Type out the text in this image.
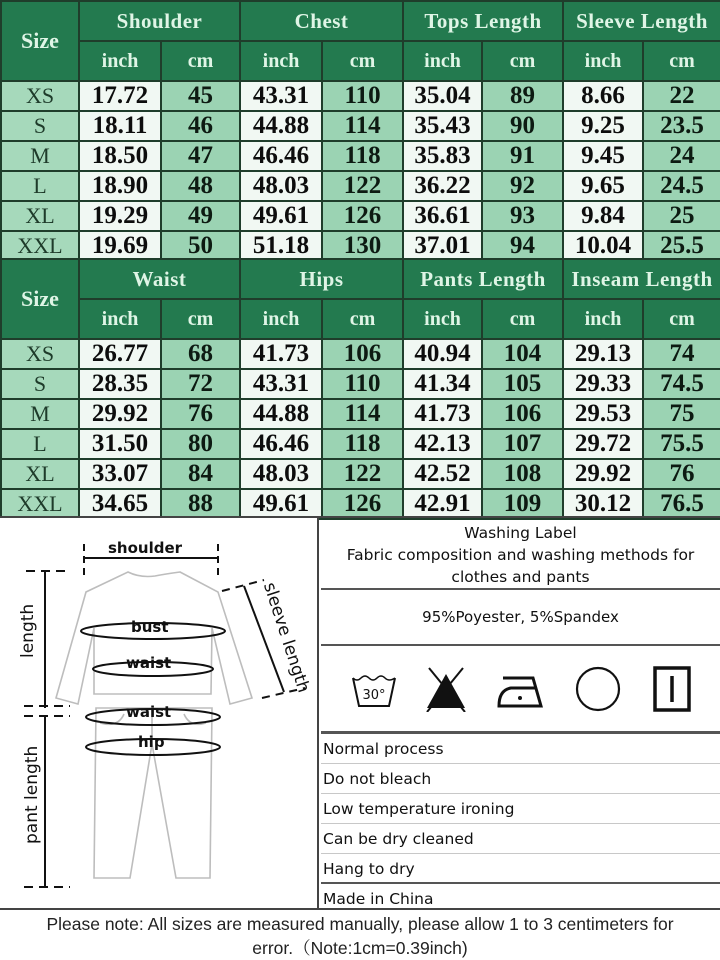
Size	Shoulder		Chest		Tops Length		Sleeve Length	
	inch	cm	inch	cm	inch	cm	inch	cm
XS	17.72	45	43.31	110	35.04	89	8.66	22
S	18.11	46	44.88	114	35.43	90	9.25	23.5
M	18.50	47	46.46	118	35.83	91	9.45	24
L	18.90	48	48.03	122	36.22	92	9.65	24.5
XL	19.29	49	49.61	126	36.61	93	9.84	25
XXL	19.69	50	51.18	130	37.01	94	10.04	25.5
Size	Waist		Hips		Pants Length		Inseam Length	
	inch	cm	inch	cm	inch	cm	inch	cm
XS	26.77	68	41.73	106	40.94	104	29.13	74
S	28.35	72	43.31	110	41.34	105	29.33	74.5
M	29.92	76	44.88	114	41.73	106	29.53	75
L	31.50	80	46.46	118	42.13	107	29.72	75.5
XL	33.07	84	48.03	122	42.52	108	29.92	76
XXL	34.65	88	49.61	126	42.91	109	30.12	76.5
shoulder
bust
waist
waist
hip
length
pant length
sleeve length
Washing Label
Fabric composition and washing methods for clothes and pants
95%Poyester, 5%Spandex
30°
Normal process
Do not bleach
Low temperature ironing
Can be dry cleaned
Hang to dry
Made in China
Please note: All sizes are measured manually, please allow 1 to 3 centimeters for
error.（Note:1cm=0.39inch)
